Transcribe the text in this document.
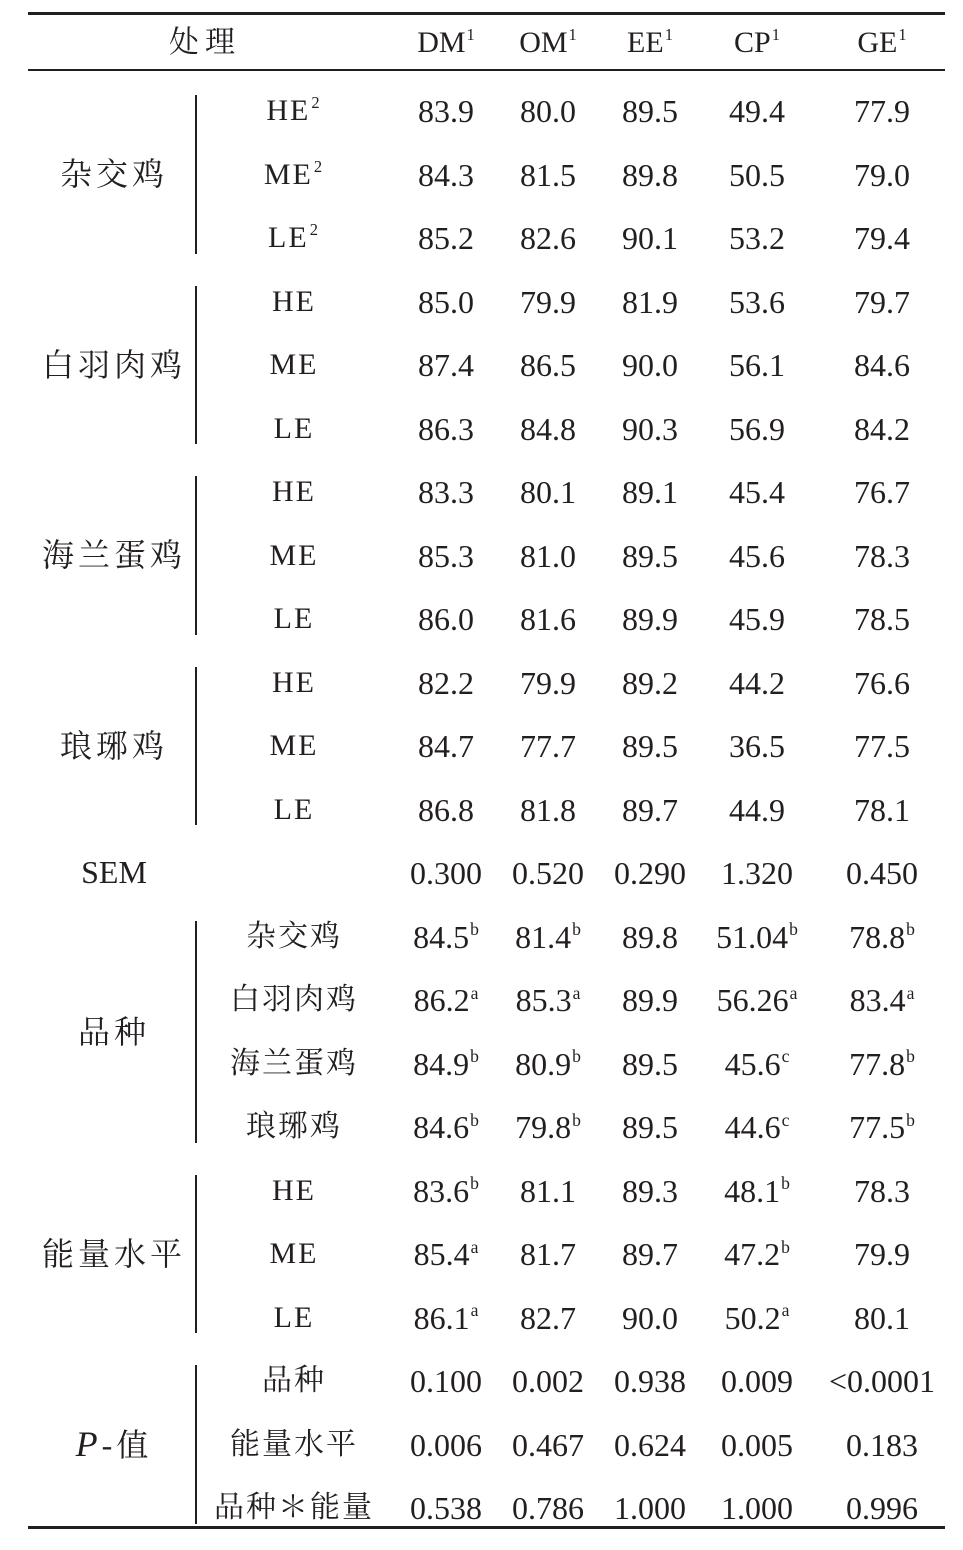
处理	$DM^1$	$OM^1$	$EE^1$	$CP^1$	$GE^1$
杂交鸡
$HE^2$	83.9	80.0	89.5	49.4	77.9
$ME^2$	84.3	81.5	89.8	50.5	79.0
$LE^2$	85.2	82.6	90.1	53.2	79.4
白羽肉鸡
HE	85.0	79.9	81.9	53.6	79.7
ME	87.4	86.5	90.0	56.1	84.6
LE	86.3	84.8	90.3	56.9	84.2
海兰蛋鸡
HE	83.3	80.1	89.1	45.4	76.7
ME	85.3	81.0	89.5	45.6	78.3
LE	86.0	81.6	89.9	45.9	78.5
琅琊鸡
HE	82.2	79.9	89.2	44.2	76.6
ME	84.7	77.7	89.5	36.5	77.5
LE	86.8	81.8	89.7	44.9	78.1
SEM	0.300 0.520 0.290	1.320	0.450
品种
杂交鸡	84.5$^b$	81.4$^b$	89.8	51.04$^b$	78.8$^b$
白羽肉鸡	86.2$^a$	85.3$^a$	89.9	56.26$^a$	83.4$^a$
海兰蛋鸡	84.9$^b$	80.9$^b$	89.5	45.6$^c$	77.8$^b$
琅琊鸡	84.6$^b$	79.8$^b$	89.5	44.6$^c$	77.5$^b$
能量水平
HE	83.6$^b$	81.1	89.3	48.1$^b$	78.3
ME	85.4$^a$	81.7	89.7	47.2$^b$	79.9
LE	86.1$^a$	82.7	90.0	50.2$^a$	80.1
P-值
品种	0.100 0.002 0.938	0.009	<0.0001
能量水平	0.006 0.467 0.624	0.005	0.183
品种＊能量	0.538 0.786 1.000	1.000	0.996
